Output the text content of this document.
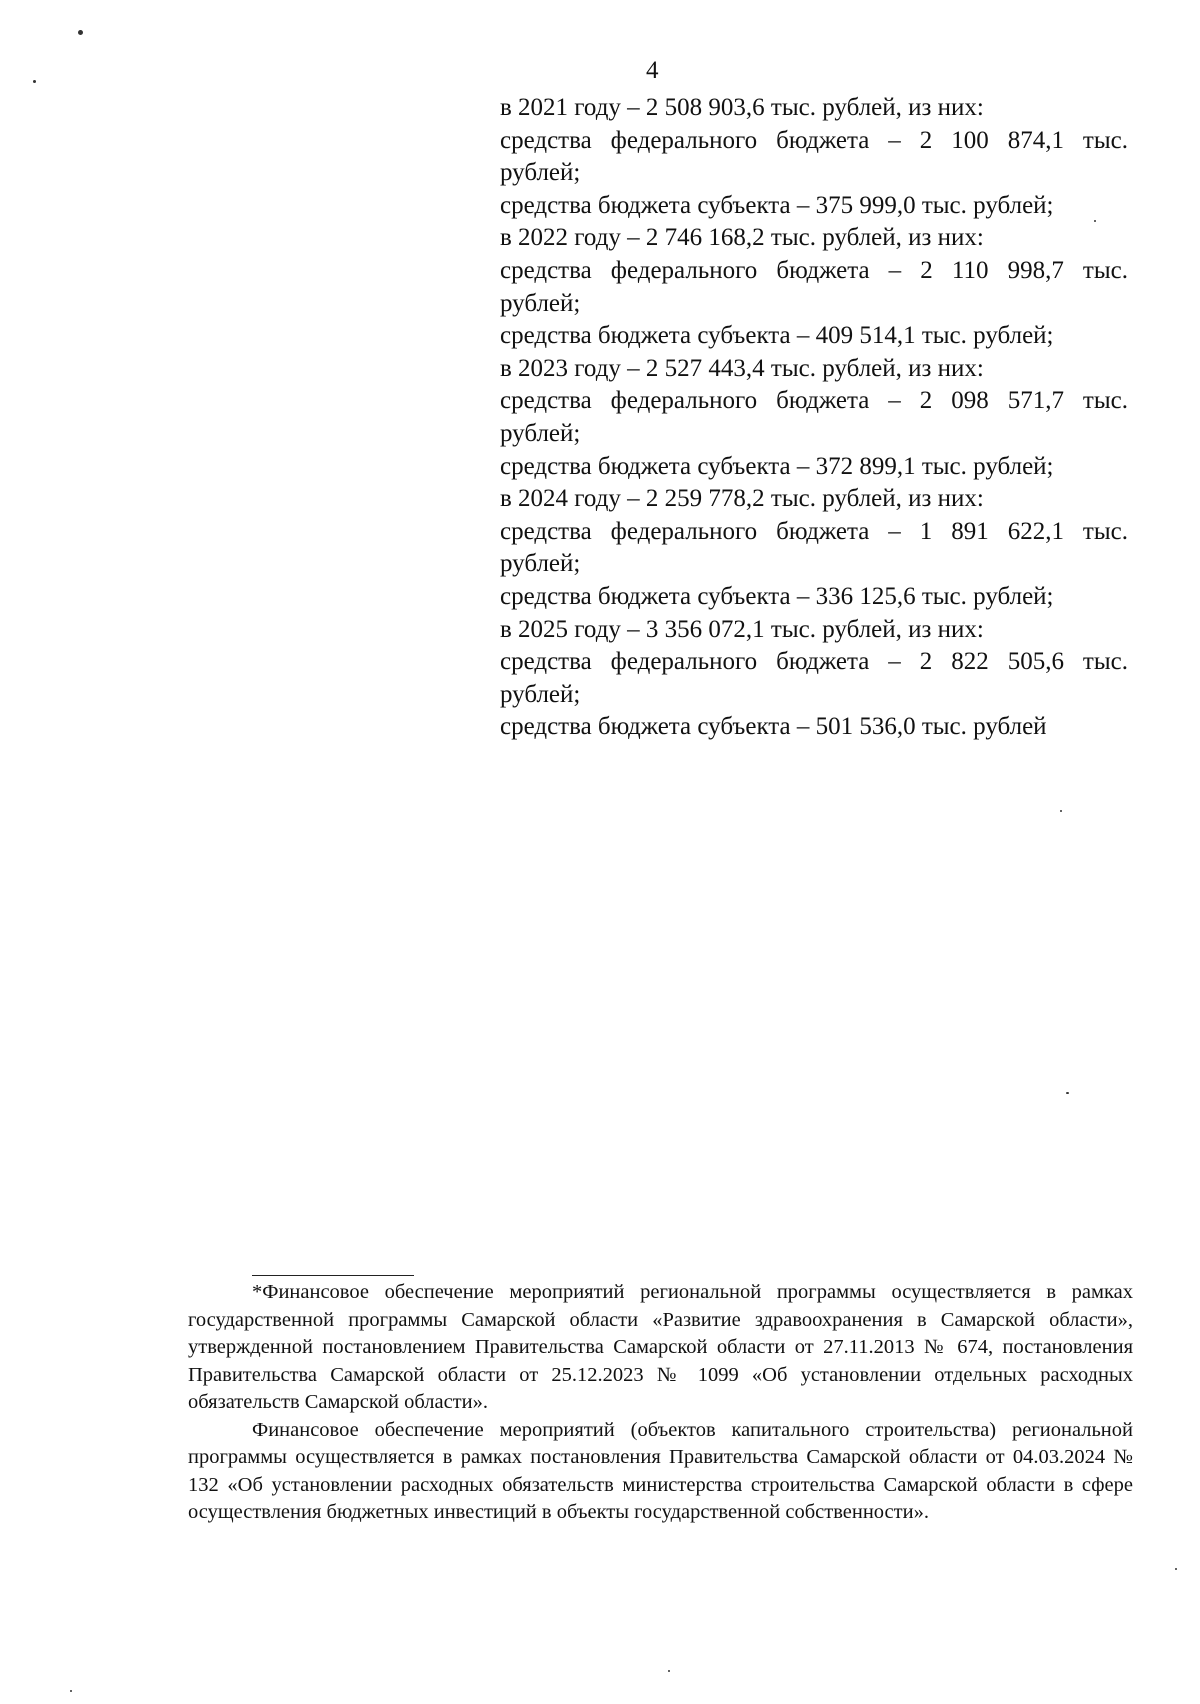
4
в 2021 году – 2 508 903,6 тыс. рублей, из них:
средства федерального бюджета – 2 100 874,1 тыс.
рублей;
средства бюджета субъекта – 375 999,0 тыс. рублей;
в 2022 году – 2 746 168,2 тыс. рублей, из них:
средства федерального бюджета – 2 110 998,7 тыс.
рублей;
средства бюджета субъекта – 409 514,1 тыс. рублей;
в 2023 году – 2 527 443,4 тыс. рублей, из них:
средства федерального бюджета – 2 098 571,7 тыс.
рублей;
средства бюджета субъекта – 372 899,1 тыс. рублей;
в 2024 году – 2 259 778,2 тыс. рублей, из них:
средства федерального бюджета – 1 891 622,1 тыс.
рублей;
средства бюджета субъекта – 336 125,6 тыс. рублей;
в 2025 году – 3 356 072,1 тыс. рублей, из них:
средства федерального бюджета – 2 822 505,6 тыс.
рублей;
средства бюджета субъекта – 501 536,0 тыс. рублей

*Финансовое обеспечение мероприятий региональной программы осуществляется в рамках государственной программы Самарской области «Развитие здравоохранения в Самарской области», утвержденной постановлением Правительства Самарской области от 27.11.2013 № 674, постановления Правительства Самарской области от 25.12.2023 № 1099 «Об установлении отдельных расходных обязательств Самарской области».

Финансовое обеспечение мероприятий (объектов капитального строительства) региональной программы осуществляется в рамках постановления Правительства Самарской области от 04.03.2024 № 132 «Об установлении расходных обязательств министерства строительства Самарской области в сфере осуществления бюджетных инвестиций в объекты государственной собственности».
